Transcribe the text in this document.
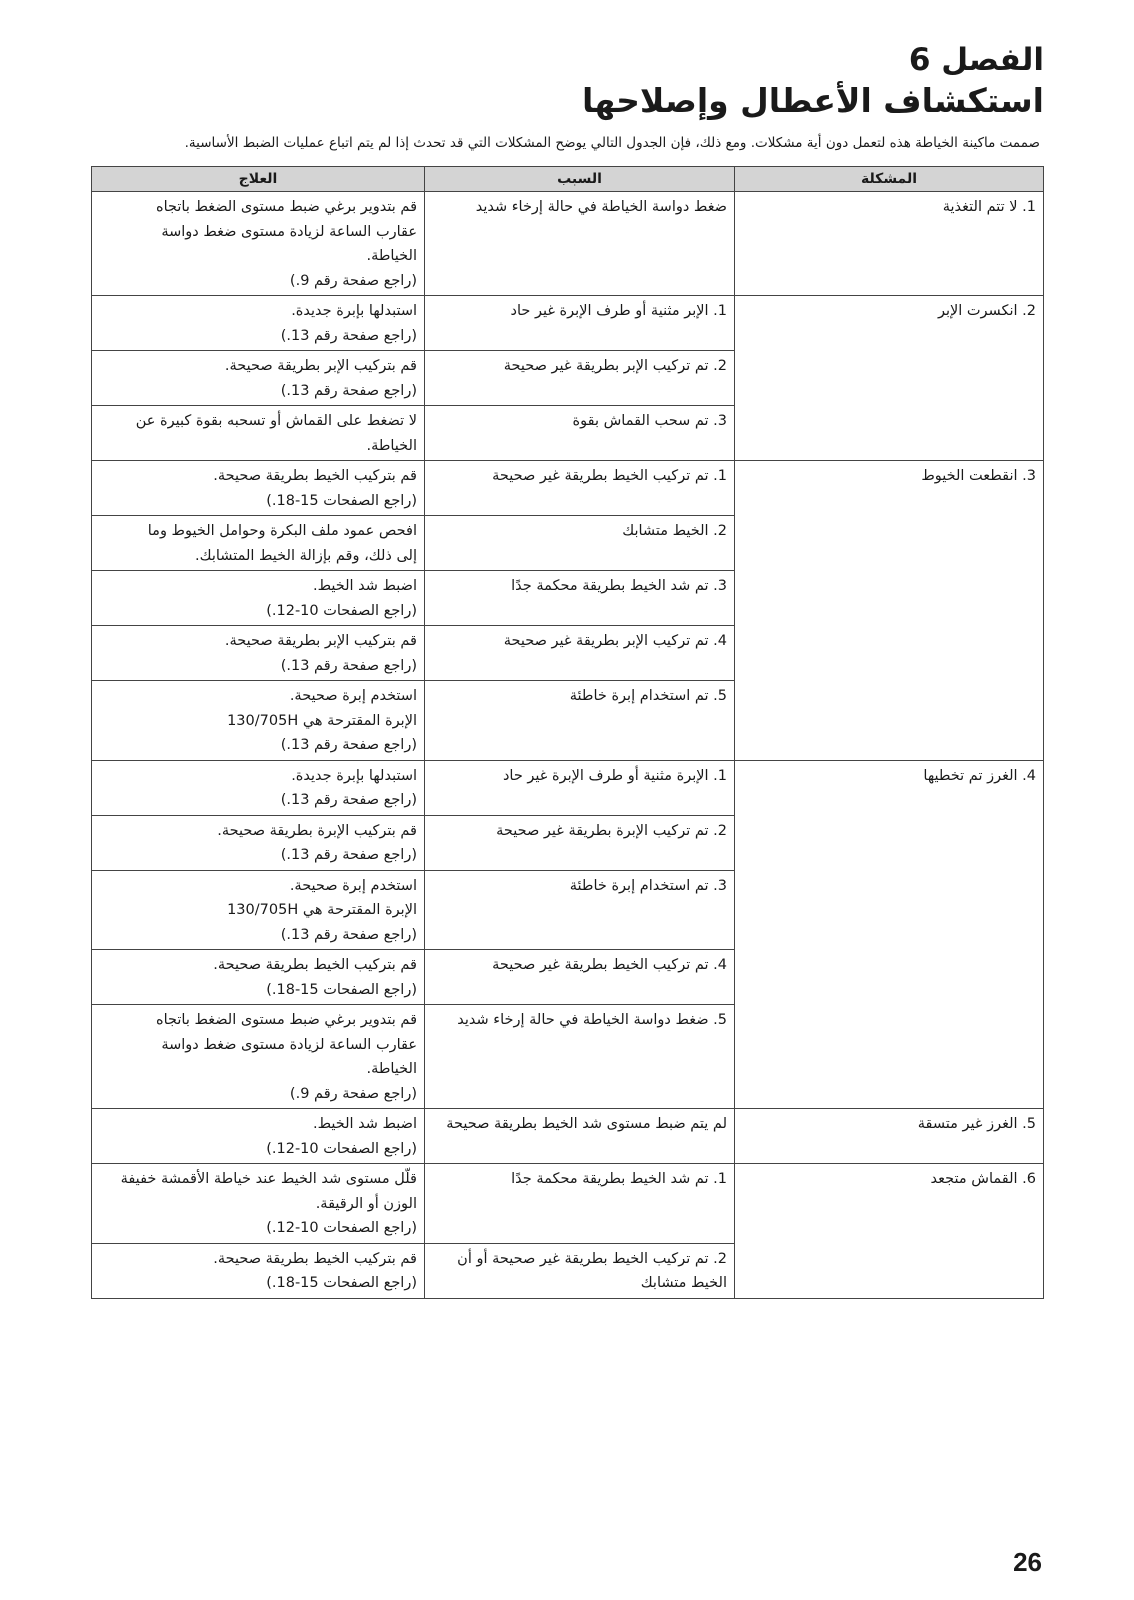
الفصل 6
استكشاف الأعطال وإصلاحها
صممت ماكينة الخياطة هذه لتعمل دون أية مشكلات. ومع ذلك، فإن الجدول التالي يوضح المشكلات التي قد تحدث إذا لم يتم اتباع عمليات الضبط الأساسية.
المشكلة	السبب	العلاج
1. لا تتم التغذية	ضغط دواسة الخياطة في حالة إرخاء شديد	قم بتدوير برغي ضبط مستوى الضغط باتجاه
عقارب الساعة لزيادة مستوى ضغط دواسة
الخياطة.
(راجع صفحة رقم 9.)

2. انكسرت الإبر	1. الإبر مثنية أو طرف الإبرة غير حاد	استبدلها بإبرة جديدة.
(راجع صفحة رقم 13.)

	2. تم تركيب الإبر بطريقة غير صحيحة	قم بتركيب الإبر بطريقة صحيحة.
(راجع صفحة رقم 13.)

	3. تم سحب القماش بقوة	لا تضغط على القماش أو تسحبه بقوة كبيرة عن
الخياطة.

3. انقطعت الخيوط	1. تم تركيب الخيط بطريقة غير صحيحة	قم بتركيب الخيط بطريقة صحيحة.
(راجع الصفحات 15-18.)

	2. الخيط متشابك	افحص عمود ملف البكرة وحوامل الخيوط وما
إلى ذلك، وقم بإزالة الخيط المتشابك.

	3. تم شد الخيط بطريقة محكمة جدًا	اضبط شد الخيط.
(راجع الصفحات 10-12.)

	4. تم تركيب الإبر بطريقة غير صحيحة	قم بتركيب الإبر بطريقة صحيحة.
(راجع صفحة رقم 13.)

	5. تم استخدام إبرة خاطئة	استخدم إبرة صحيحة.
الإبرة المقترحة هي 130/705H
(راجع صفحة رقم 13.)

4. الغرز تم تخطيها	1. الإبرة مثنية أو طرف الإبرة غير حاد	استبدلها بإبرة جديدة.
(راجع صفحة رقم 13.)

	2. تم تركيب الإبرة بطريقة غير صحيحة	قم بتركيب الإبرة بطريقة صحيحة.
(راجع صفحة رقم 13.)

	3. تم استخدام إبرة خاطئة	استخدم إبرة صحيحة.
الإبرة المقترحة هي 130/705H
(راجع صفحة رقم 13.)

	4. تم تركيب الخيط بطريقة غير صحيحة	قم بتركيب الخيط بطريقة صحيحة.
(راجع الصفحات 15-18.)

	5. ضغط دواسة الخياطة في حالة إرخاء شديد	قم بتدوير برغي ضبط مستوى الضغط باتجاه
عقارب الساعة لزيادة مستوى ضغط دواسة
الخياطة.
(راجع صفحة رقم 9.)

5. الغرز غير متسقة	لم يتم ضبط مستوى شد الخيط بطريقة صحيحة	اضبط شد الخيط.
(راجع الصفحات 10-12.)

6. القماش متجعد	1. تم شد الخيط بطريقة محكمة جدًا	قلّل مستوى شد الخيط عند خياطة الأقمشة خفيفة
الوزن أو الرقيقة.
(راجع الصفحات 10-12.)

	2. تم تركيب الخيط بطريقة غير صحيحة أو أن
الخيط متشابك	قم بتركيب الخيط بطريقة صحيحة.
(راجع الصفحات 15-18.)
26
